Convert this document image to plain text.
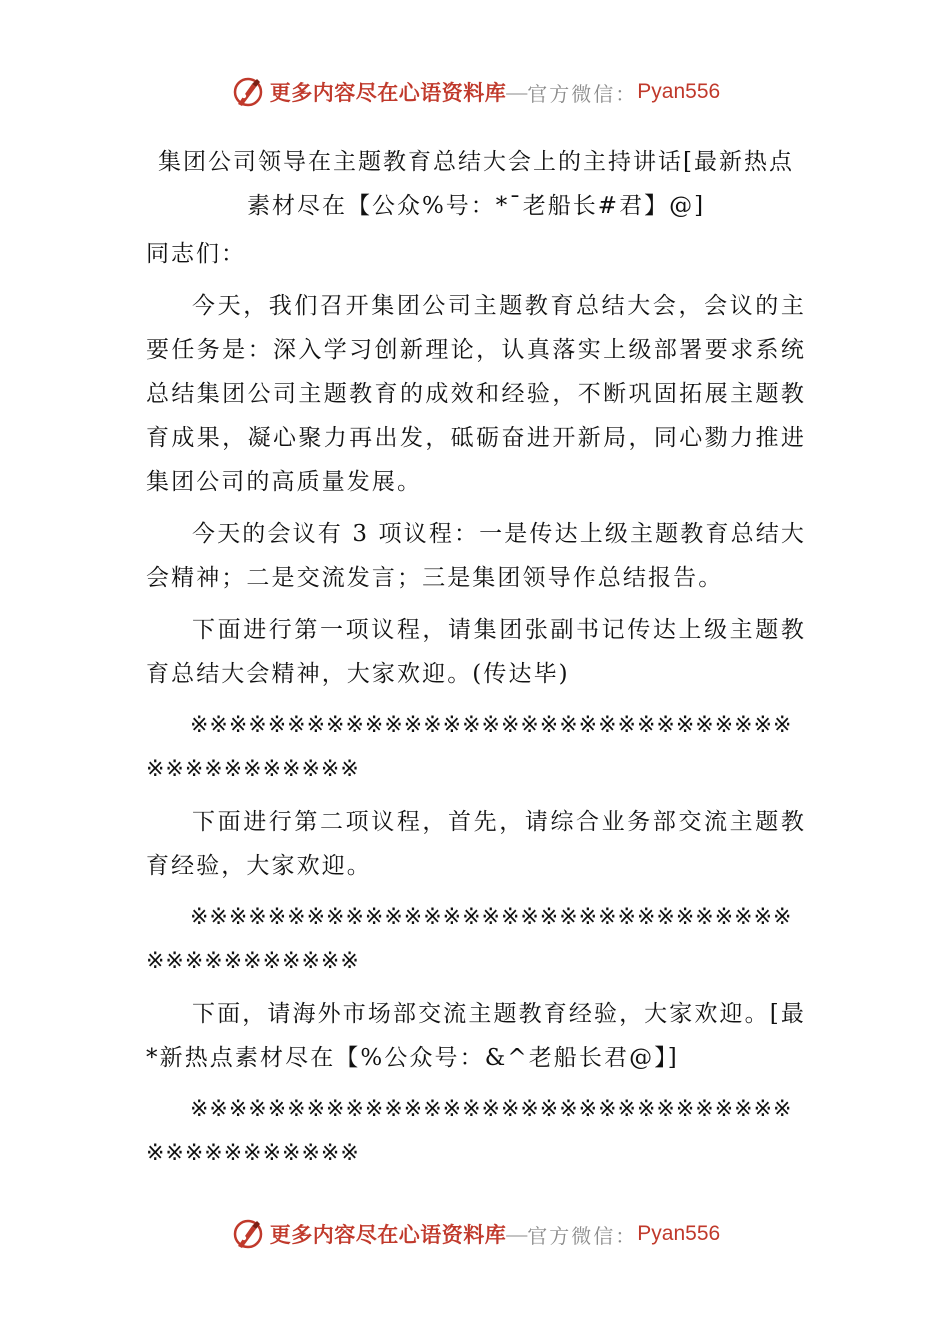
更多内容尽在心语资料库 — 官方微信： Pyan556

集团公司领导在主题教育总结大会上的主持讲话[最新热点

素材尽在【公众%号：*¯老船长#君】@]

同志们：

今天，我们召开集团公司主题教育总结大会，会议的主要任务是：深入学习创新理论，认真落实上级部署要求系统总结集团公司主题教育的成效和经验，不断巩固拓展主题教育成果，凝心聚力再出发，砥砺奋进开新局，同心勠力推进集团公司的高质量发展。

今天的会议有 3 项议程：一是传达上级主题教育总结大会精神；二是交流发言；三是集团领导作总结报告。

下面进行第一项议程，请集团张副书记传达上级主题教育总结大会精神，大家欢迎。(传达毕)

※※※※※※※※※※※※※※※※※※※※※※※※※※※※※※※※※※※※※※※※※※

下面进行第二项议程，首先，请综合业务部交流主题教育经验，大家欢迎。

※※※※※※※※※※※※※※※※※※※※※※※※※※※※※※※※※※※※※※※※※※

下面，请海外市场部交流主题教育经验，大家欢迎。[最*新热点素材尽在【%公众号：&^老船长君@】]

※※※※※※※※※※※※※※※※※※※※※※※※※※※※※※※※※※※※※※※※※※

更多内容尽在心语资料库 — 官方微信： Pyan556
